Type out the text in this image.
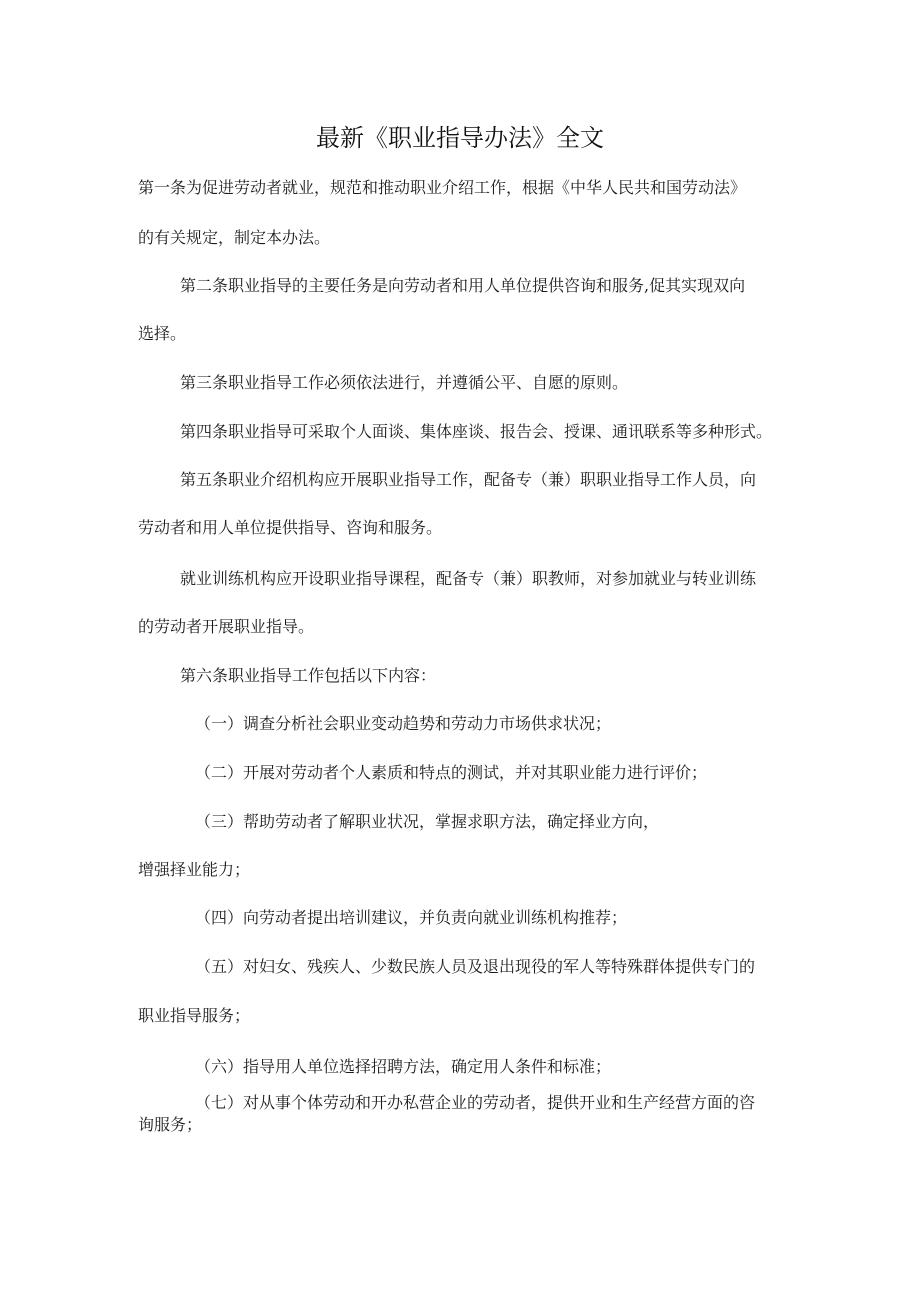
最新《职业指导办法》全文
第一条为促进劳动者就业，规范和推动职业介绍工作，根据《中华人民共和国劳动法》
的有关规定，制定本办法。
第二条职业指导的主要任务是向劳动者和用人单位提供咨询和服务,促其实现双向
选择。
第三条职业指导工作必须依法进行，并遵循公平、自愿的原则。
第四条职业指导可采取个人面谈、集体座谈、报告会、授课、通讯联系等多种形式。
第五条职业介绍机构应开展职业指导工作，配备专（兼）职职业指导工作人员，向
劳动者和用人单位提供指导、咨询和服务。
就业训练机构应开设职业指导课程，配备专（兼）职教师，对参加就业与转业训练
的劳动者开展职业指导。
第六条职业指导工作包括以下内容：
（一）调查分析社会职业变动趋势和劳动力市场供求状况；
（二）开展对劳动者个人素质和特点的测试，并对其职业能力进行评价；
（三）帮助劳动者了解职业状况，掌握求职方法，确定择业方向，
增强择业能力；
（四）向劳动者提出培训建议，并负责向就业训练机构推荐；
（五）对妇女、残疾人、少数民族人员及退出现役的军人等特殊群体提供专门的
职业指导服务；
（六）指导用人单位选择招聘方法，确定用人条件和标准；
（七）对从事个体劳动和开办私营企业的劳动者，提供开业和生产经营方面的咨
询服务；
